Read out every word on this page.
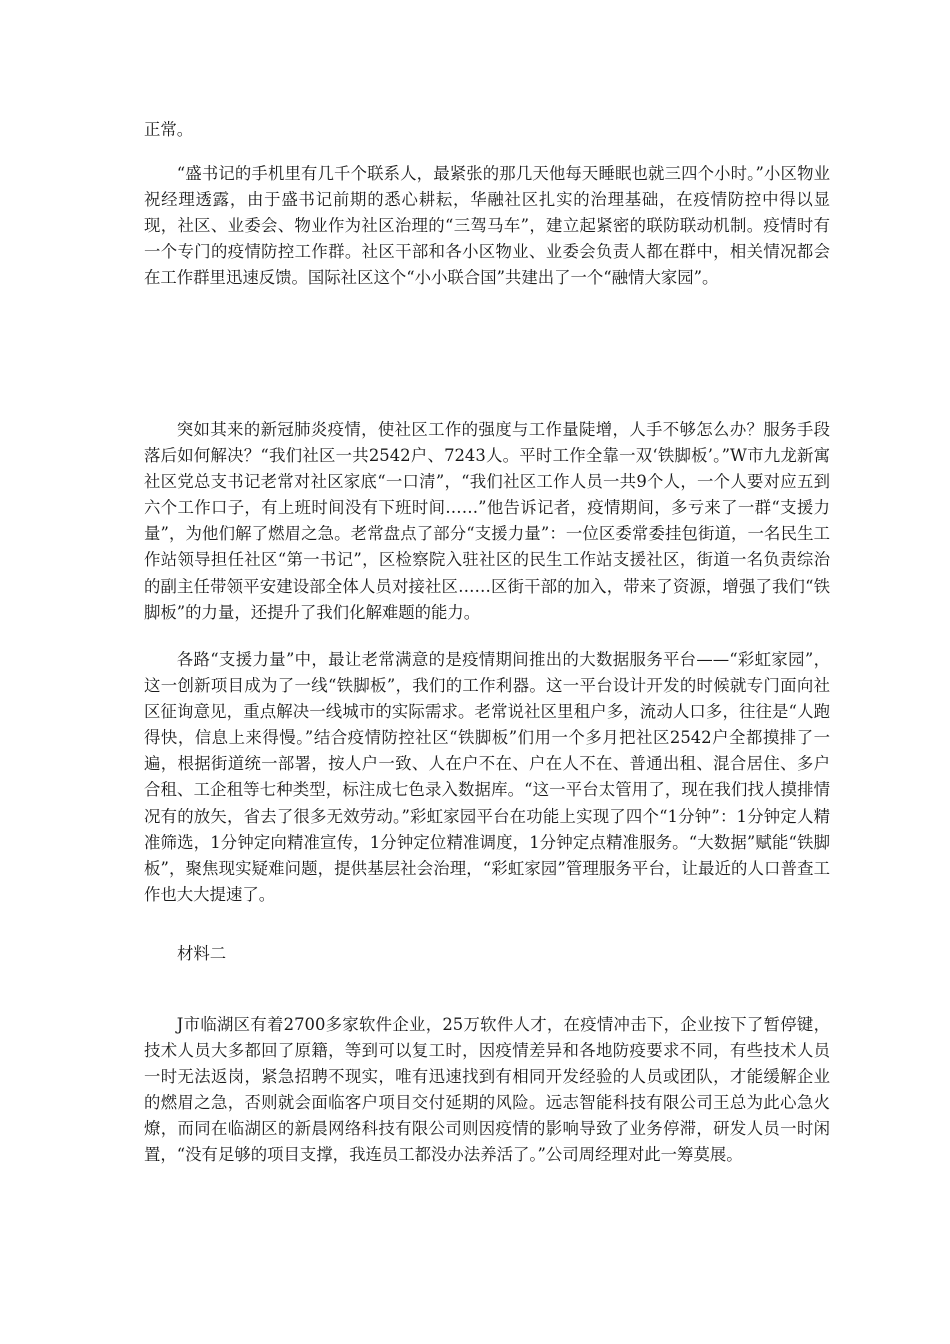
正常。

“盛书记的手机里有几千个联系人，最紧张的那几天他每天睡眠也就三四个小时。”小区物业祝经理透露，由于盛书记前期的悉心耕耘，华融社区扎实的治理基础，在疫情防控中得以显现，社区、业委会、物业作为社区治理的“三驾马车”，建立起紧密的联防联动机制。疫情时有一个专门的疫情防控工作群。社区干部和各小区物业、业委会负责人都在群中，相关情况都会在工作群里迅速反馈。国际社区这个“小小联合国”共建出了一个“融情大家园”。

突如其来的新冠肺炎疫情，使社区工作的强度与工作量陡增，人手不够怎么办？服务手段落后如何解决？“我们社区一共2542户、7243人。平时工作全靠一双‘铁脚板’。”W市九龙新寓社区党总支书记老常对社区家底“一口清”，“我们社区工作人员一共9个人，一个人要对应五到六个工作口子，有上班时间没有下班时间……”他告诉记者，疫情期间，多亏来了一群“支援力量”，为他们解了燃眉之急。老常盘点了部分“支援力量”：一位区委常委挂包街道，一名民生工作站领导担任社区“第一书记”，区检察院入驻社区的民生工作站支援社区，街道一名负责综治的副主任带领平安建设部全体人员对接社区……区街干部的加入，带来了资源，增强了我们“铁脚板”的力量，还提升了我们化解难题的能力。

各路“支援力量”中，最让老常满意的是疫情期间推出的大数据服务平台——“彩虹家园”，这一创新项目成为了一线“铁脚板”，我们的工作利器。这一平台设计开发的时候就专门面向社区征询意见，重点解决一线城市的实际需求。老常说社区里租户多，流动人口多，往往是“人跑得快，信息上来得慢。”结合疫情防控社区“铁脚板”们用一个多月把社区2542户全都摸排了一遍，根据街道统一部署，按人户一致、人在户不在、户在人不在、普通出租、混合居住、多户合租、工企租等七种类型，标注成七色录入数据库。“这一平台太管用了，现在我们找人摸排情况有的放矢，省去了很多无效劳动。”彩虹家园平台在功能上实现了四个“1分钟”：1分钟定人精准筛选，1分钟定向精准宣传，1分钟定位精准调度，1分钟定点精准服务。“大数据”赋能“铁脚板”，聚焦现实疑难问题，提供基层社会治理，“彩虹家园”管理服务平台，让最近的人口普查工作也大大提速了。

材料二

J市临湖区有着2700多家软件企业，25万软件人才，在疫情冲击下，企业按下了暂停键，技术人员大多都回了原籍，等到可以复工时，因疫情差异和各地防疫要求不同，有些技术人员一时无法返岗，紧急招聘不现实，唯有迅速找到有相同开发经验的人员或团队，才能缓解企业的燃眉之急，否则就会面临客户项目交付延期的风险。远志智能科技有限公司王总为此心急火燎，而同在临湖区的新晨网络科技有限公司则因疫情的影响导致了业务停滞，研发人员一时闲置，“没有足够的项目支撑，我连员工都没办法养活了。”公司周经理对此一筹莫展。
